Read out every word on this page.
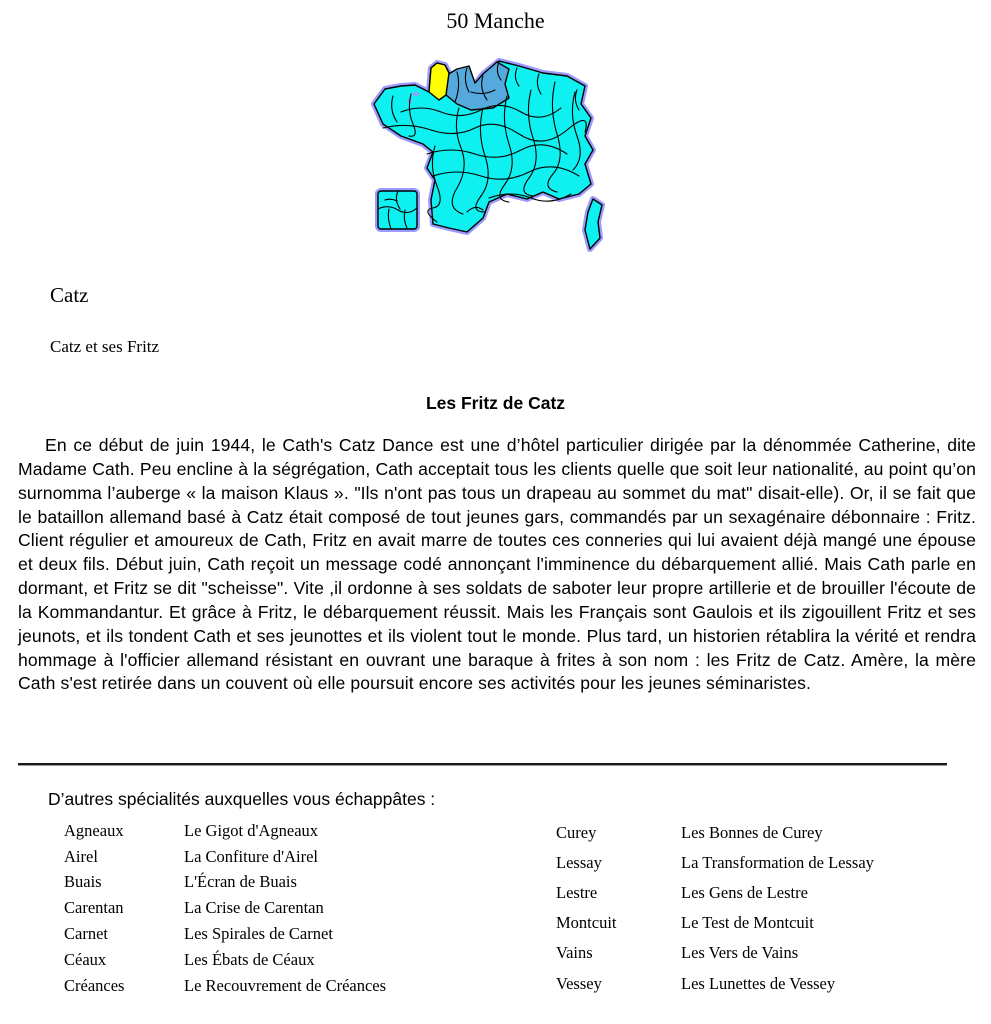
50 Manche
Catz
Catz et ses Fritz
Les Fritz de Catz
En ce début de juin 1944, le Cath's Catz Dance est une d’hôtel particulier dirigée par la dénommée Catherine, dite Madame Cath. Peu encline à la ségrégation, Cath acceptait tous les clients quelle que soit leur nationalité, au point qu’on surnomma l’auberge « la maison Klaus ». "Ils n'ont pas tous un drapeau au sommet du mat" disait-elle). Or, il se fait que le bataillon allemand basé à Catz était composé de tout jeunes gars, commandés par un sexagénaire débonnaire : Fritz. Client régulier et amoureux de Cath, Fritz en avait marre de toutes ces conneries qui lui avaient déjà mangé une épouse et deux fils. Début juin, Cath reçoit un message codé annonçant l'imminence du débarquement allié. Mais Cath parle en dormant, et Fritz se dit "scheisse". Vite ,il ordonne à ses soldats de saboter leur propre artillerie et de brouiller l'écoute de la Kommandantur. Et grâce à Fritz, le débarquement réussit. Mais les Français sont Gaulois et ils zigouillent Fritz et ses jeunots, et ils tondent Cath et ses jeunottes et ils violent tout le monde. Plus tard, un historien rétablira la vérité et rendra hommage à l'officier allemand résistant en ouvrant une baraque à frites à son nom : les Fritz de Catz. Amère, la mère Cath s'est retirée dans un couvent où elle poursuit encore ses activités pour les jeunes séminaristes.
D’autres spécialités auxquelles vous échappâtes :
Agneaux	Le Gigot d'Agneaux
Airel	La Confiture d'Airel
Buais	L'Écran de Buais
Carentan	La Crise de Carentan
Carnet	Les Spirales de Carnet
Céaux	Les Ébats de Céaux
Créances	Le Recouvrement de Créances
Curey	Les Bonnes de Curey
Lessay	La Transformation de Lessay
Lestre	Les Gens de Lestre
Montcuit	Le Test de Montcuit
Vains	Les Vers de Vains
Vessey	Les Lunettes de Vessey
